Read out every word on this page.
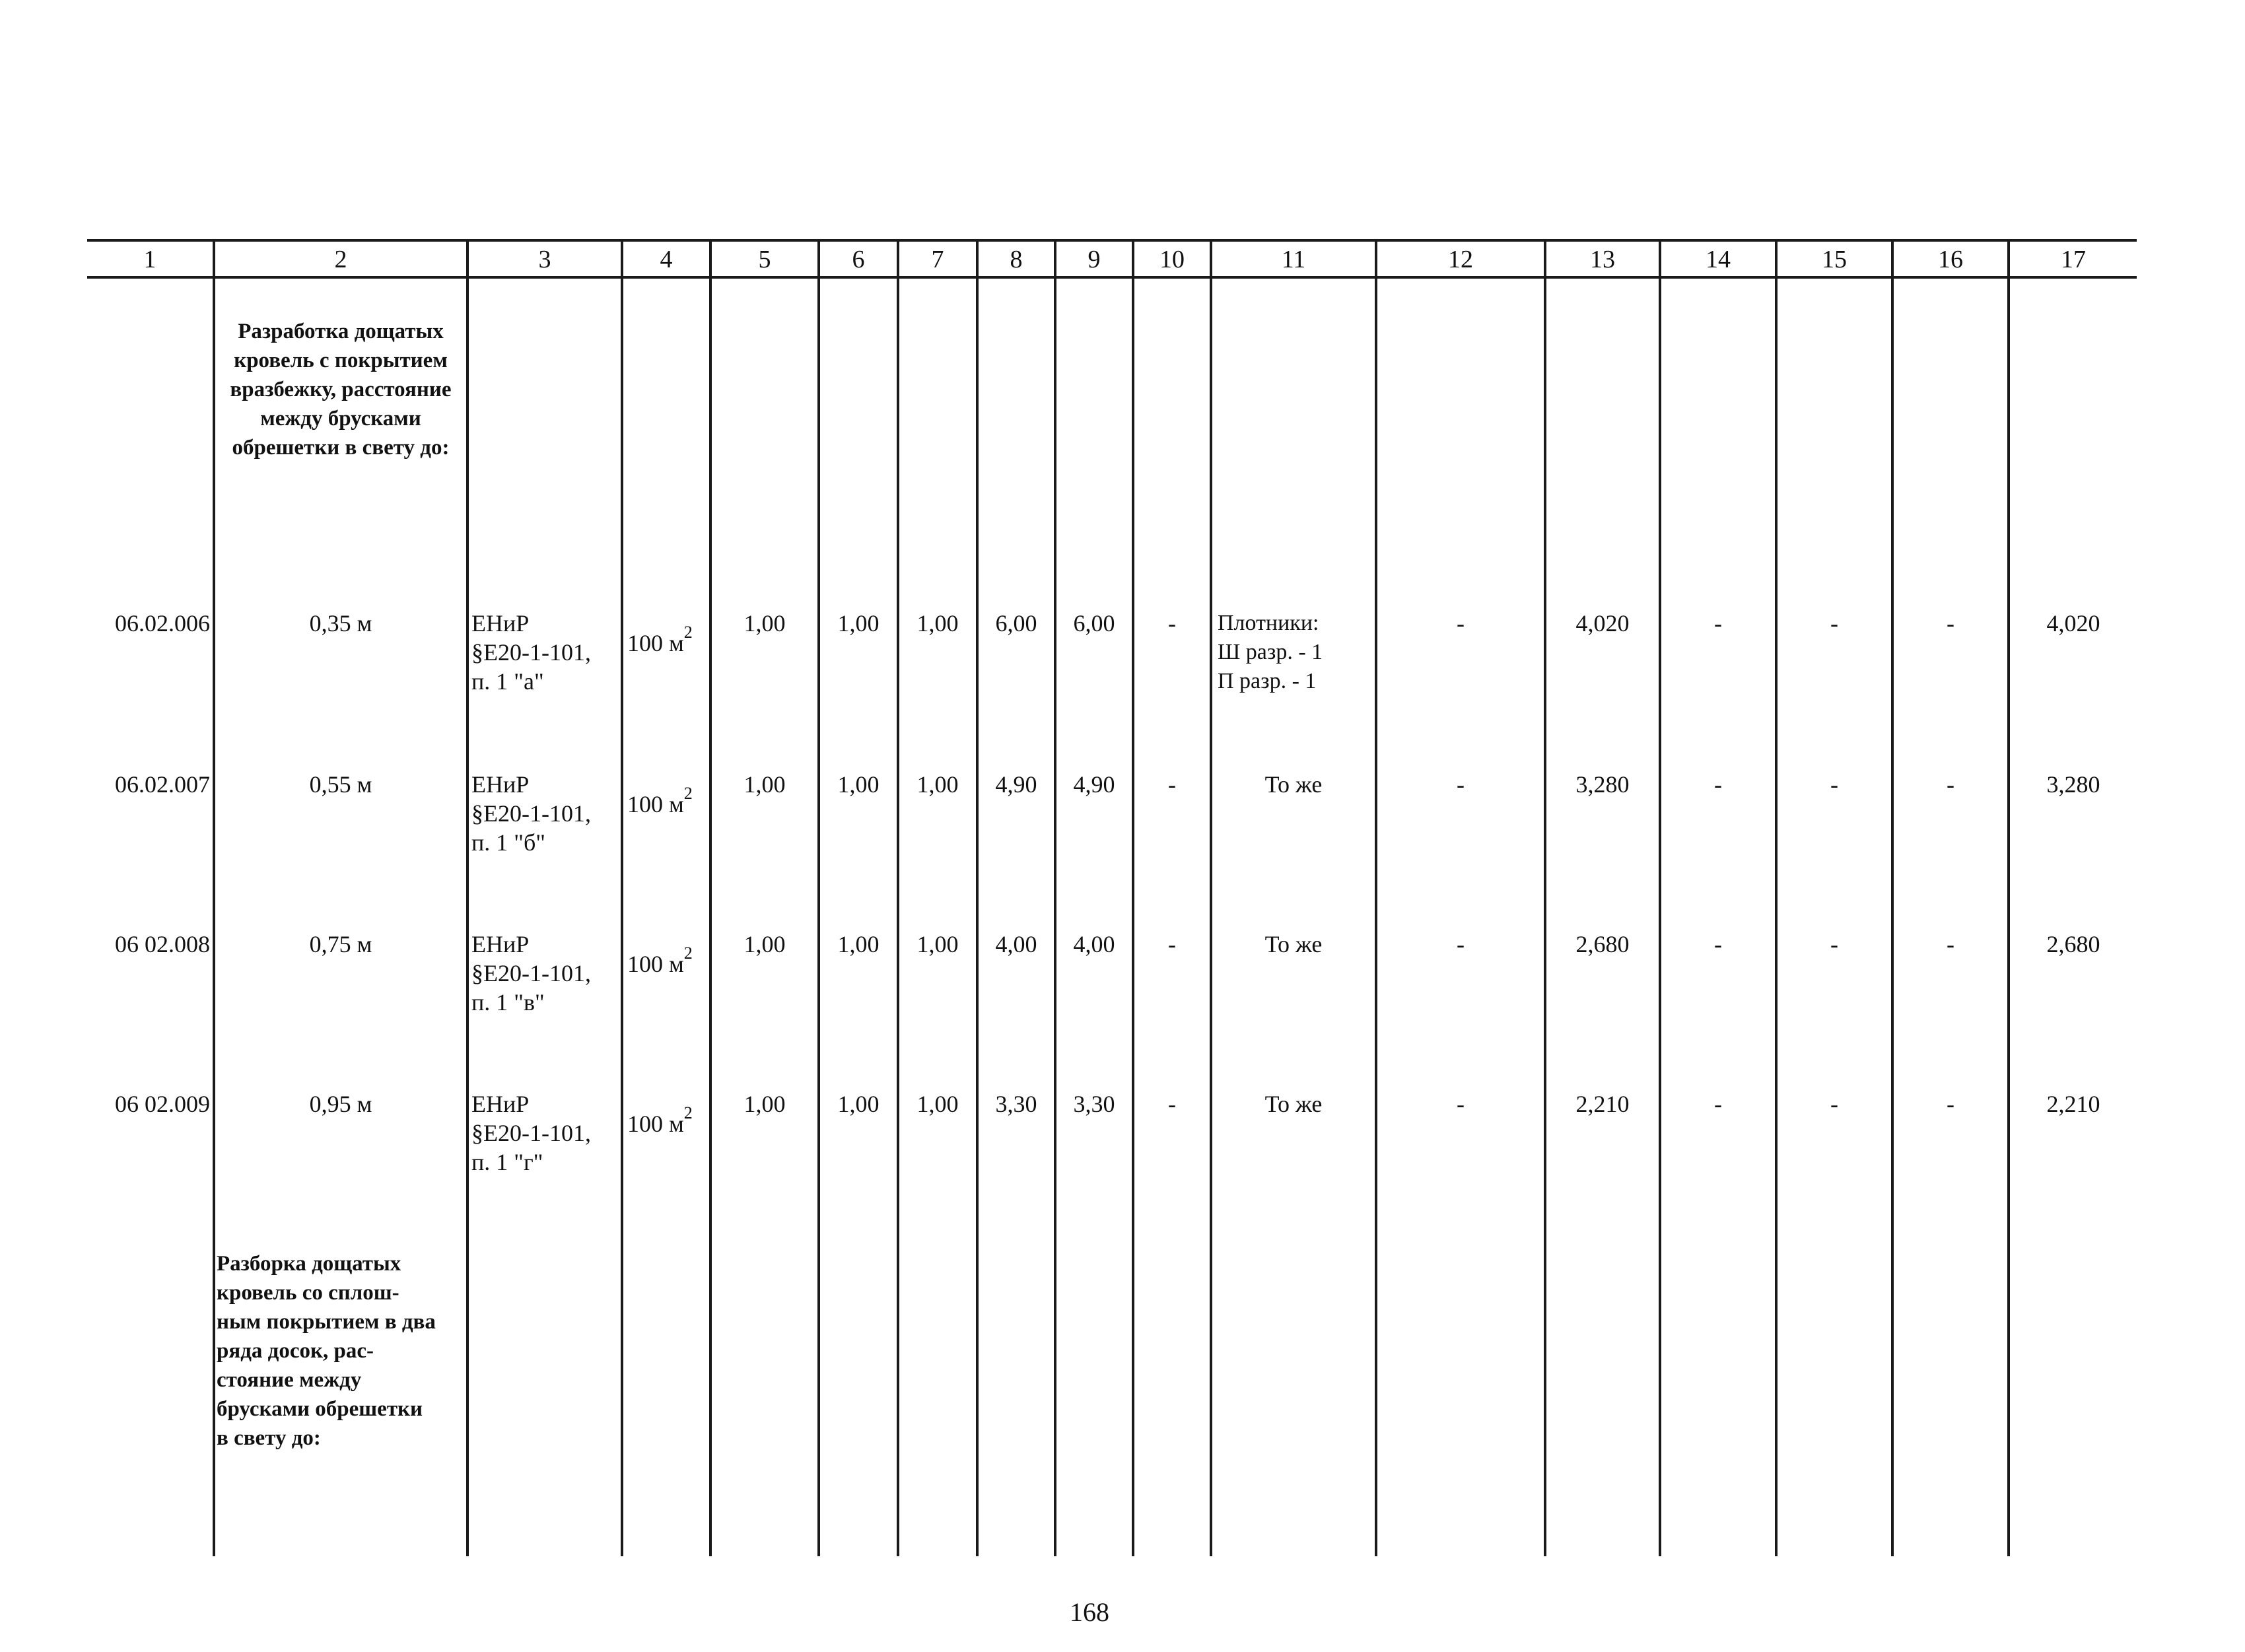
1	2	3	4	5	6	7	8	9	10	11	12	13	14	15	16	17
Разработка дощатых кровель с покрытием вразбежку, расстояние между брусками обрешетки в свету до:
06.02.006	0,35 м	ЕНиР
§Е20-1-101,
п. 1 "а"
100 $м^2$	1,00	1,00	1,00	6,00	6,00	-	Плотники:
Ш разр. - 1
П разр. - 1
-	4,020	-	-	-	4,020
06.02.007	0,55 м	ЕНиР
§Е20-1-101,
п. 1 "б"
100 $м^2$	1,00	1,00	1,00	4,90	4,90	-	То же	-	3,280	-	-	-	3,280
06 02.008	0,75 м	ЕНиР
§Е20-1-101,
п. 1 "в"
100 $м^2$	1,00	1,00	1,00	4,00	4,00	-	То же	-	2,680	-	-	-	2,680
06 02.009	0,95 м	ЕНиР
§Е20-1-101,
п. 1 "г"
100 $м^2$	1,00	1,00	1,00	3,30	3,30	-	То же	-	2,210	-	-	-	2,210
Разборка дощатых
кровель со сплош-
ным покрытием в два
ряда досок, рас-
стояние между
брусками обрешетки
в свету до:
168
